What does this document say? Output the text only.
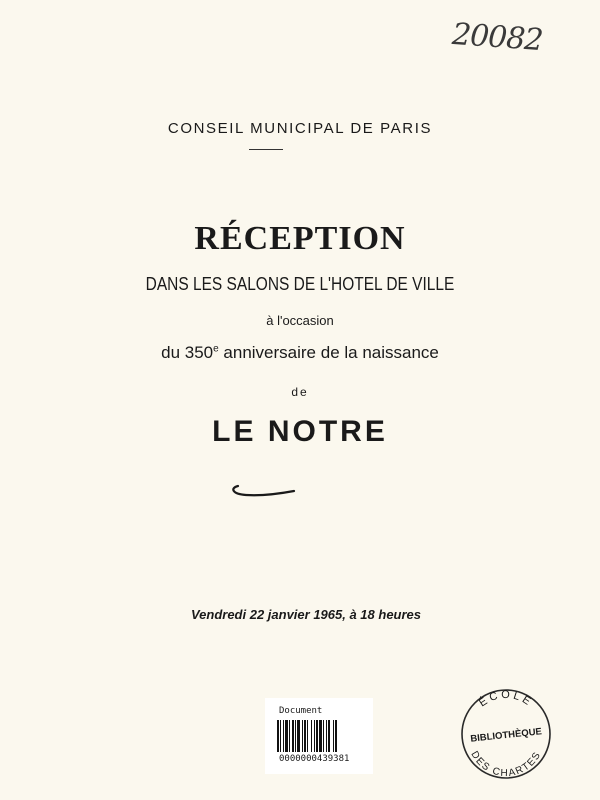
20082
CONSEIL MUNICIPAL DE PARIS
RÉCEPTION
DANS LES SALONS DE L'HOTEL DE VILLE
à l'occasion
du 350e anniversaire de la naissance
de
LE NOTRE
Vendredi 22 janvier 1965, à 18 heures
Document
0000000439381
ÉCOLE
BIBLIOTHÈQUE
DES CHARTES
